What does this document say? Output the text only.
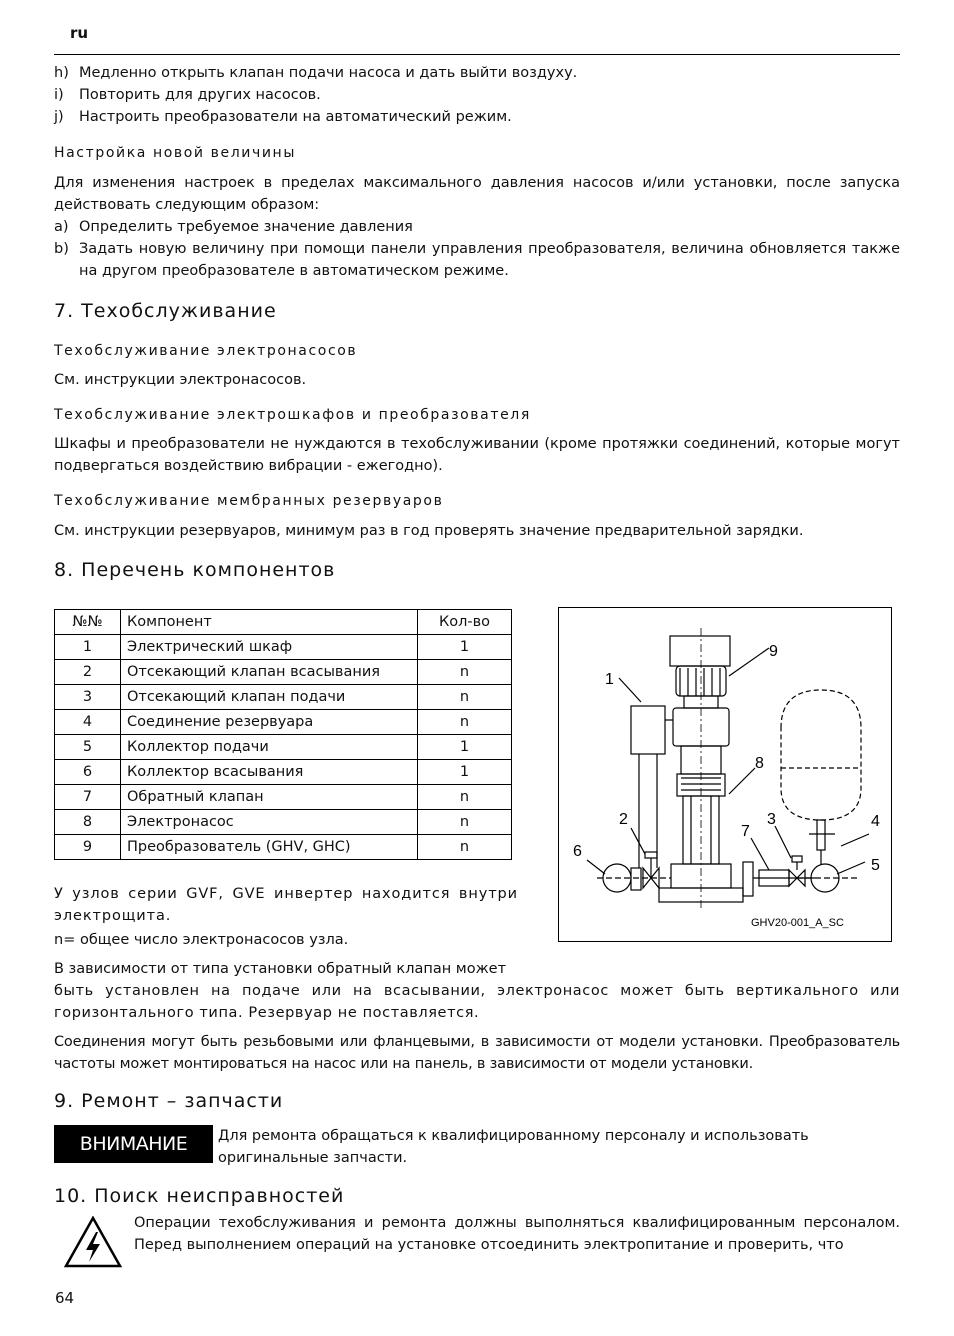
ru
h) Медленно открыть клапан подачи насоса и дать выйти воздуху.
i)	Повторить для других насосов.
j)	Настроить преобразователи на автоматический режим.
Настройка новой величины
Для изменения настроек в пределах максимального давления насосов и/или установки, после запуска действовать следующим образом:
a) Определить требуемое значение давления
b) Задать новую величину при помощи панели управления преобразователя, величина обновляется также на другом преобразователе в автоматическом режиме.
7. Техобслуживание
Техобслуживание электронасосов
См. инструкции электронасосов.
Техобслуживание электрошкафов и преобразователя
Шкафы и преобразователи не нуждаются в техобслуживании (кроме протяжки соединений, которые могут подвергаться воздействию вибрации - ежегодно).
Техобслуживание мембранных резервуаров
См. инструкции резервуаров, минимум раз в год проверять значение предварительной зарядки.
8. Перечень компонентов
№№	Компонент	Кол-во
1	Электрический шкаф	1
2	Отсекающий клапан всасывания	n
3	Отсекающий клапан подачи	n
4	Соединение резервуара	n
5	Коллектор подачи	1
6	Коллектор всасывания	1
7	Обратный клапан	n
8	Электронасос	n
9	Преобразователь (GHV, GHC)	n
1
2	3	4
5
6
7
8
9
GHV20-001_A_SC
У узлов серии GVF, GVE инвертер находится внутри электрощита.
n= общее число электронасосов узла.
В зависимости от типа установки обратный клапан может
быть установлен на подаче или на всасывании, электронасос может быть вертикального или горизонтального типа. Резервуар не поставляется.
Соединения могут быть резьбовыми или фланцевыми, в зависимости от модели установки. Преобразователь частоты может монтироваться на насос или на панель, в зависимости от модели установки.
9. Ремонт – запчасти
ВНИМАНИЕ	Для ремонта обращаться к квалифицированному персоналу и использовать оригинальные запчасти.
10. Поиск неисправностей
Операции техобслуживания и ремонта должны выполняться квалифицированным персоналом. Перед выполнением операций на установке отсоединить электропитание и проверить, что
64
